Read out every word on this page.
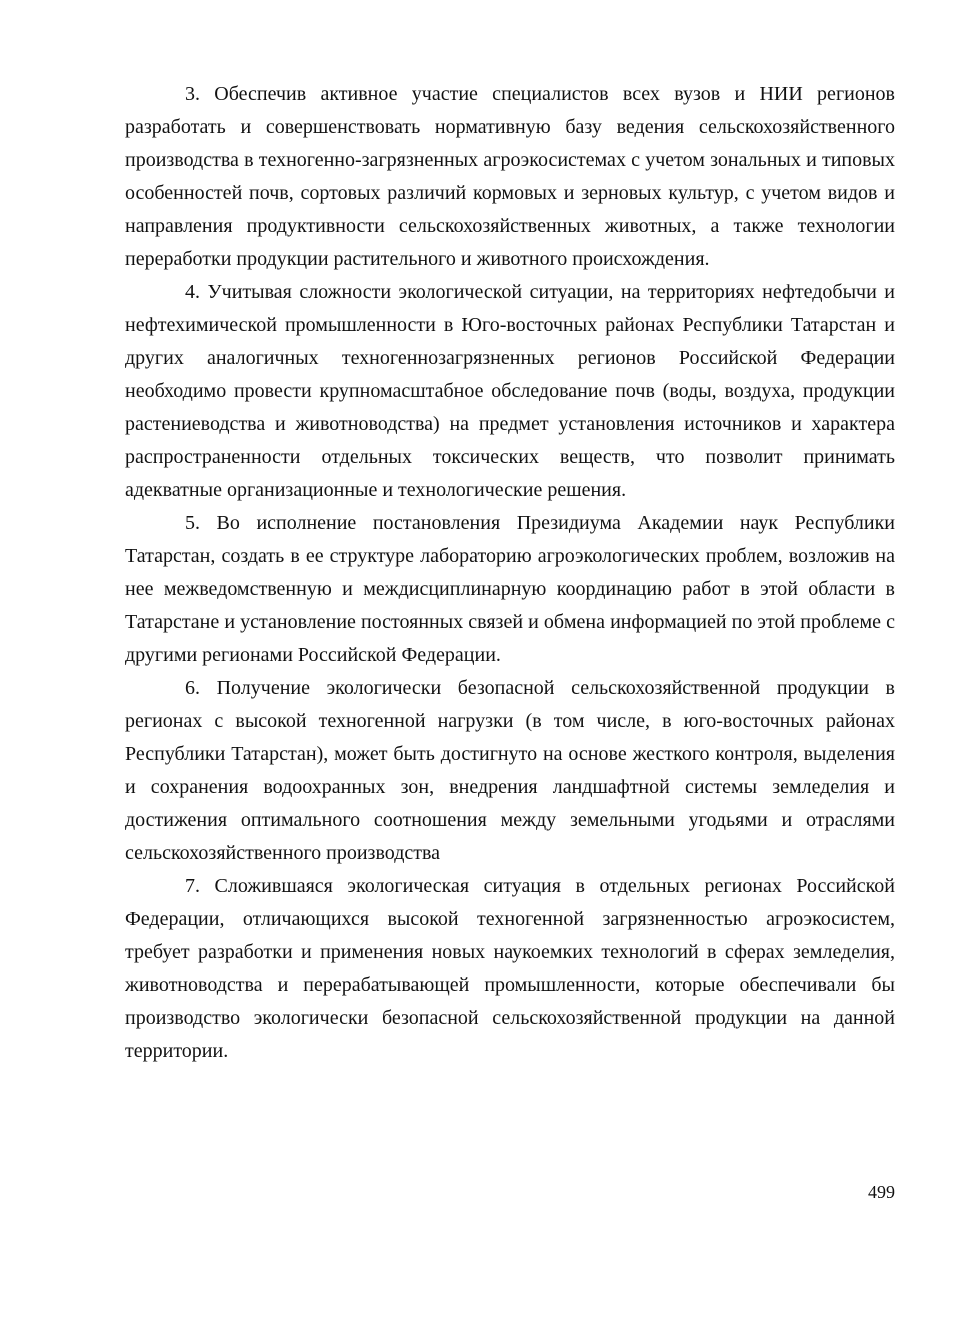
3. Обеспечив активное участие специалистов всех вузов и НИИ регионов разработать и совершенствовать нормативную базу ведения сельскохозяйственного производства в техногенно-загрязненных агроэкосистемах с учетом зональных и типовых особенностей почв, сортовых различий кормовых и зерновых культур, с учетом видов и направления продуктивности сельскохозяйственных животных, а также технологии переработки продукции растительного и животного происхождения.

4. Учитывая сложности экологической ситуации, на территориях нефтедобычи и нефтехимической промышленности в Юго-восточных районах Республики Татарстан и других аналогичных техногеннозагрязненных регионов Российской Федерации необходимо провести крупномасштабное обследование почв (воды, воздуха, продукции растениеводства и животноводства) на предмет установления источников и характера распространенности отдельных токсических веществ, что позволит принимать адекватные организационные и технологические решения.

5. Во исполнение постановления Президиума Академии наук Республики Татарстан, создать в ее структуре лабораторию агроэкологических проблем, возложив на нее межведомственную и междисциплинарную координацию работ в этой области в Татарстане и установление постоянных связей и обмена информацией по этой проблеме с другими регионами Российской Федерации.

6. Получение экологически безопасной сельскохозяйственной продукции в регионах с высокой техногенной нагрузки (в том числе, в юго-восточных районах Республики Татарстан), может быть достигнуто на основе жесткого контроля, выделения и сохранения водоохранных зон, внедрения ландшафтной системы земледелия и достижения оптимального соотношения между земельными угодьями и отраслями сельскохозяйственного производства

7. Сложившаяся экологическая ситуация в отдельных регионах Российской Федерации, отличающихся высокой техногенной загрязненностью агроэкосистем, требует разработки и применения новых наукоемких технологий в сферах земледелия, животноводства и перерабатывающей промышленности, которые обеспечивали бы производство экологически безопасной сельскохозяйственной продукции на данной территории.

499
